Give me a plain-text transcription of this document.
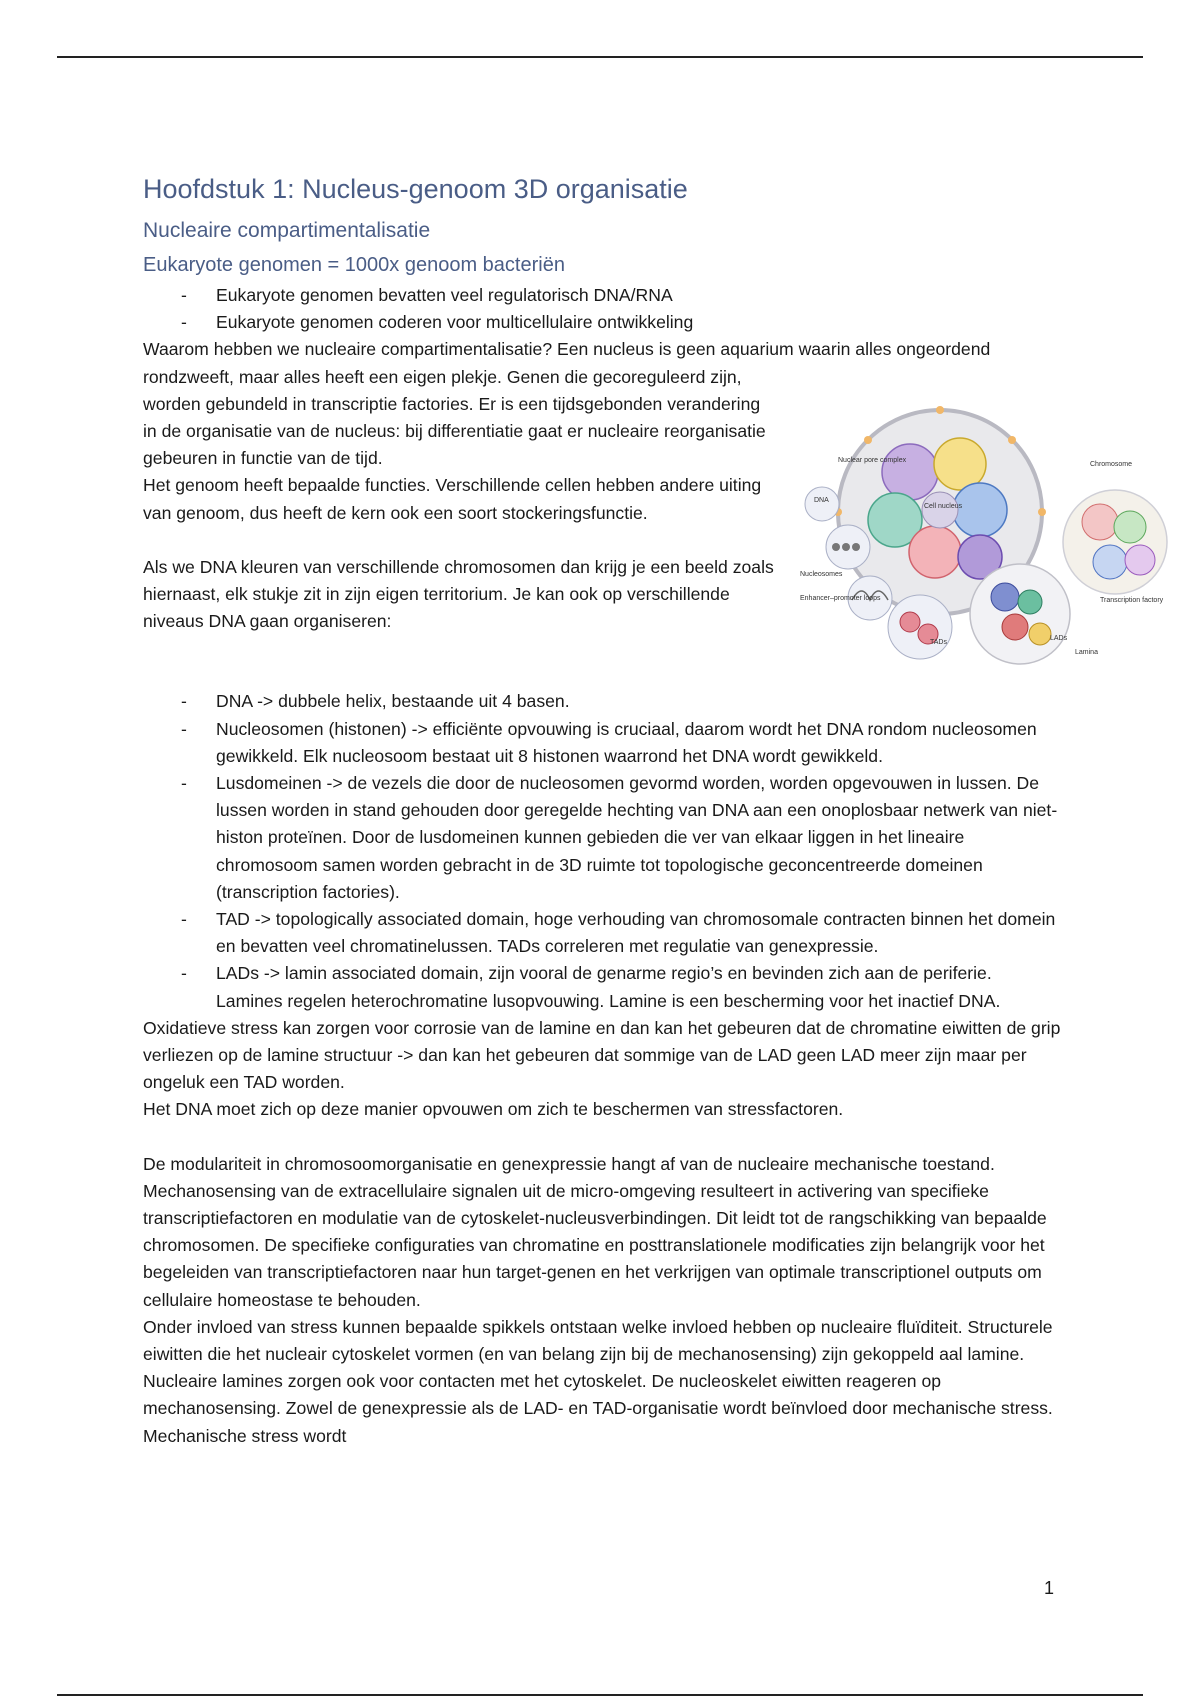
Hoofdstuk 1: Nucleus-genoom 3D organisatie
Nucleaire compartimentalisatie
Eukaryote genomen = 1000x genoom bacteriën
- Eukaryote genomen bevatten veel regulatorisch DNA/RNA
- Eukaryote genomen coderen voor multicellulaire ontwikkeling

Waarom hebben we nucleaire compartimentalisatie? Een nucleus is geen aquarium waarin alles ongeordend rondzweeft, maar alles heeft een eigen plekje. Genen die gecoreguleerd zijn, worden gebundeld in transcriptie factories. Er is een tijdsgebonden verandering in de organisatie van de nucleus: bij differentiatie gaat er nucleaire reorganisatie gebeuren in functie van de tijd.

Het genoom heeft bepaalde functies. Verschillende cellen hebben andere uiting van genoom, dus heeft de kern ook een soort stockeringsfunctie.

Als we DNA kleuren van verschillende chromosomen dan krijg je een beeld zoals hiernaast, elk stukje zit in zijn eigen territorium. Je kan ook op verschillende niveaus DNA gaan organiseren:

- DNA -> dubbele helix, bestaande uit 4 basen.
- Nucleosomen (histonen) -> efficiënte opvouwing is cruciaal, daarom wordt het DNA rondom nucleosomen gewikkeld. Elk nucleosoom bestaat uit 8 histonen waarrond het DNA wordt gewikkeld.
- Lusdomeinen -> de vezels die door de nucleosomen gevormd worden, worden opgevouwen in lussen. De lussen worden in stand gehouden door geregelde hechting van DNA aan een onoplosbaar netwerk van niet-histon proteïnen. Door de lusdomeinen kunnen gebieden die ver van elkaar liggen in het lineaire chromosoom samen worden gebracht in de 3D ruimte tot topologische geconcentreerde domeinen (transcription factories).
- TAD -> topologically associated domain, hoge verhouding van chromosomale contracten binnen het domein en bevatten veel chromatinelussen. TADs correleren met regulatie van genexpressie.
- LADs -> lamin associated domain, zijn vooral de genarme regio’s en bevinden zich aan de periferie. Lamines regelen heterochromatine lusopvouwing. Lamine is een bescherming voor het inactief DNA.

Oxidatieve stress kan zorgen voor corrosie van de lamine en dan kan het gebeuren dat de chromatine eiwitten de grip verliezen op de lamine structuur -> dan kan het gebeuren dat sommige van de LAD geen LAD meer zijn maar per ongeluk een TAD worden.

Het DNA moet zich op deze manier opvouwen om zich te beschermen van stressfactoren.

De modulariteit in chromosoomorganisatie en genexpressie hangt af van de nucleaire mechanische toestand. Mechanosensing van de extracellulaire signalen uit de micro-omgeving resulteert in activering van specifieke transcriptiefactoren en modulatie van de cytoskelet-nucleusverbindingen. Dit leidt tot de rangschikking van bepaalde chromosomen. De specifieke configuraties van chromatine en posttranslationele modificaties zijn belangrijk voor het begeleiden van transcriptiefactoren naar hun target-genen en het verkrijgen van optimale transcriptionel outputs om cellulaire homeostase te behouden.

Onder invloed van stress kunnen bepaalde spikkels ontstaan welke invloed hebben op nucleaire fluïditeit. Structurele eiwitten die het nucleair cytoskelet vormen (en van belang zijn bij de mechanosensing) zijn gekoppeld aal lamine. Nucleaire lamines zorgen ook voor contacten met het cytoskelet. De nucleoskelet eiwitten reageren op mechanosensing. Zowel de genexpressie als de LAD- en TAD-organisatie wordt beïnvloed door mechanische stress. Mechanische stress wordt

Cell nucleus
Nuclear pore complex
Chromosome
DNA
Nucleosomes
Enhancer–promoter loops
TADs
LADs
Transcription factory
Lamina
1
